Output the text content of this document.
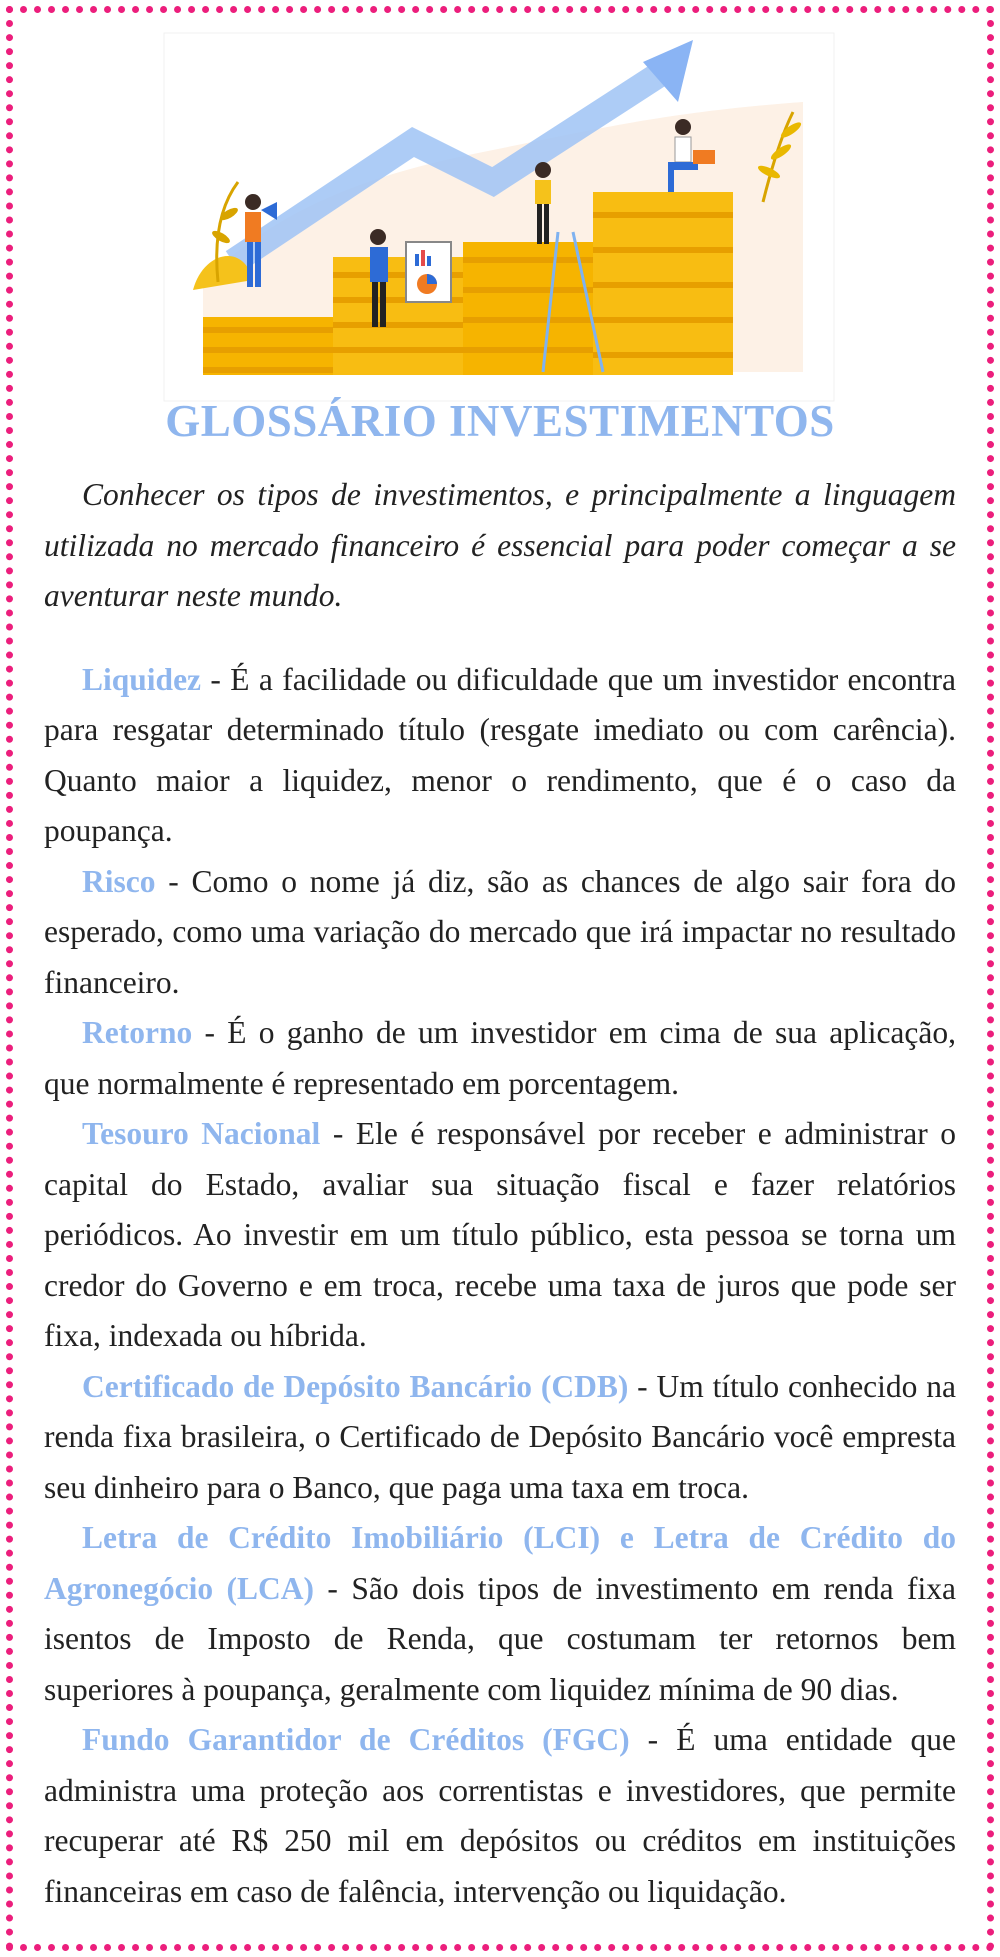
GLOSSÁRIO INVESTIMENTOS

Conhecer os tipos de investimentos, e principalmente a linguagem utilizada no mercado financeiro é essencial para poder começar a se aventurar neste mundo.

Liquidez - É a facilidade ou dificuldade que um investidor encontra para resgatar determinado título (resgate imediato ou com carência). Quanto maior a liquidez, menor o rendimento, que é o caso da poupança.

Risco - Como o nome já diz, são as chances de algo sair fora do esperado, como uma variação do mercado que irá impactar no resultado financeiro.

Retorno - É o ganho de um investidor em cima de sua aplicação, que normalmente é representado em porcentagem.

Tesouro Nacional - Ele é responsável por receber e administrar o capital do Estado, avaliar sua situação fiscal e fazer relatórios periódicos. Ao investir em um título público, esta pessoa se torna um credor do Governo e em troca, recebe uma taxa de juros que pode ser fixa, indexada ou híbrida.

Certificado de Depósito Bancário (CDB) - Um título conhecido na renda fixa brasileira, o Certificado de Depósito Bancário você empresta seu dinheiro para o Banco, que paga uma taxa em troca.

Letra de Crédito Imobiliário (LCI) e Letra de Crédito do Agronegócio (LCA) - São dois tipos de investimento em renda fixa isentos de Imposto de Renda, que costumam ter retornos bem superiores à poupança, geralmente com liquidez mínima de 90 dias.

Fundo Garantidor de Créditos (FGC) - É uma entidade que administra uma proteção aos correntistas e investidores, que permite recuperar até R$ 250 mil em depósitos ou créditos em instituições financeiras em caso de falência, intervenção ou liquidação.
